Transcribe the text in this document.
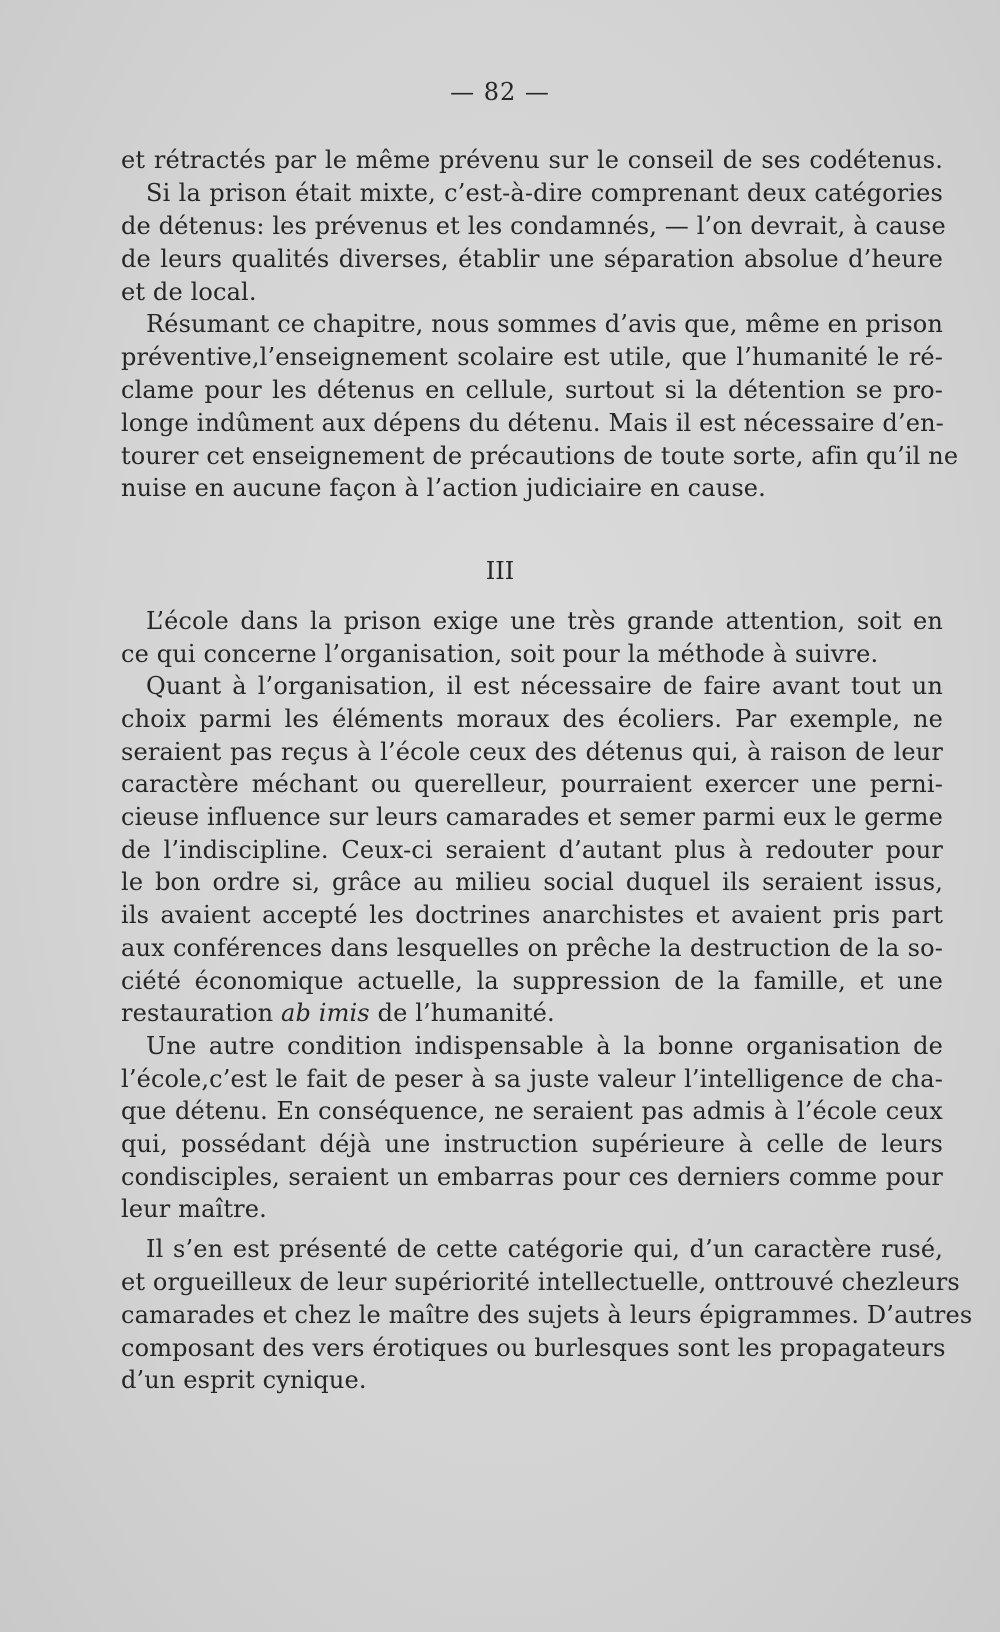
— 82 —
et rétractés par le même prévenu sur le conseil de ses codétenus.
Si la prison était mixte, c’est-à-dire comprenant deux catégories
de détenus: les prévenus et les condamnés, — l’on devrait, à cause
de leurs qualités diverses, établir une séparation absolue d’heure
et de local.
Résumant ce chapitre, nous sommes d’avis que, même en prison
préventive,l’enseignement scolaire est utile, que l’humanité le ré-
clame pour les détenus en cellule, surtout si la détention se pro-
longe indûment aux dépens du détenu. Mais il est nécessaire d’en-
tourer cet enseignement de précautions de toute sorte, afin qu’il ne
nuise en aucune façon à l’action judiciaire en cause.
III
L’école dans la prison exige une très grande attention, soit en
ce qui concerne l’organisation, soit pour la méthode à suivre.
Quant à l’organisation, il est nécessaire de faire avant tout un
choix parmi les éléments moraux des écoliers. Par exemple, ne
seraient pas reçus à l’école ceux des détenus qui, à raison de leur
caractère méchant ou querelleur, pourraient exercer une perni-
cieuse influence sur leurs camarades et semer parmi eux le germe
de l’indiscipline. Ceux-ci seraient d’autant plus à redouter pour
le bon ordre si, grâce au milieu social duquel ils seraient issus,
ils avaient accepté les doctrines anarchistes et avaient pris part
aux conférences dans lesquelles on prêche la destruction de la so-
ciété économique actuelle, la suppression de la famille, et une
restauration ab imis de l’humanité.
Une autre condition indispensable à la bonne organisation de
l’école,c’est le fait de peser à sa juste valeur l’intelligence de cha-
que détenu. En conséquence, ne seraient pas admis à l’école ceux
qui, possédant déjà une instruction supérieure à celle de leurs
condisciples, seraient un embarras pour ces derniers comme pour
leur maître.
Il s’en est présenté de cette catégorie qui, d’un caractère rusé,
et orgueilleux de leur supériorité intellectuelle, onttrouvé chezleurs
camarades et chez le maître des sujets à leurs épigrammes. D’autres
composant des vers érotiques ou burlesques sont les propagateurs
d’un esprit cynique.
